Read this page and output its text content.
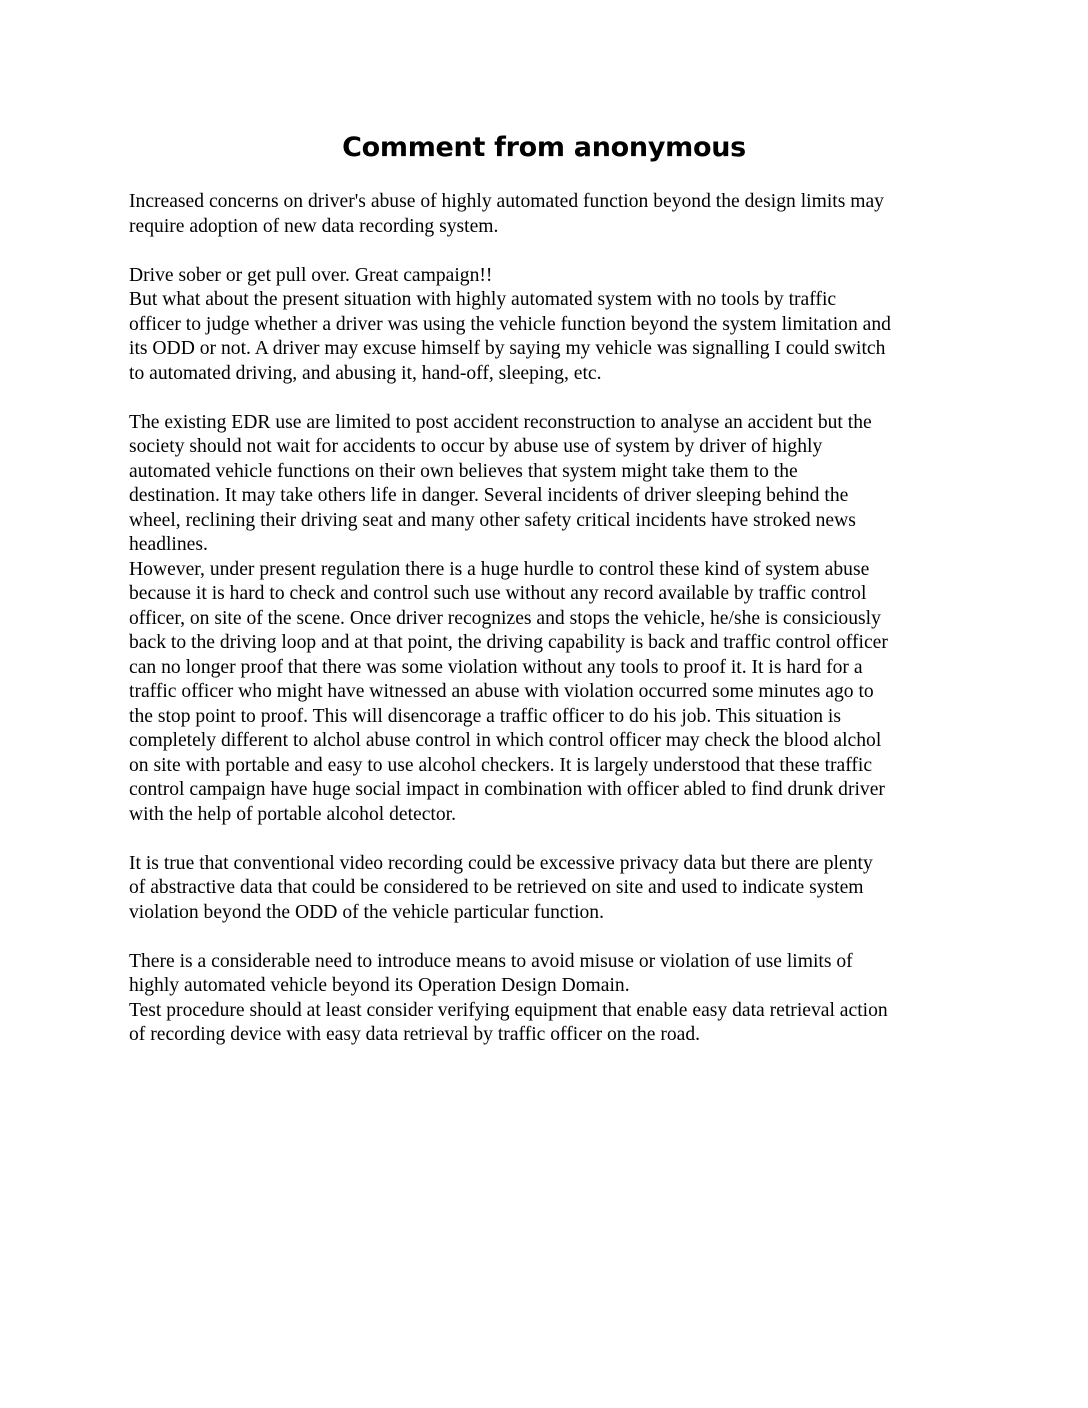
Comment from anonymous
Increased concerns on driver's abuse of highly automated function beyond the design limits may
require adoption of new data recording system.
Drive sober or get pull over. Great campaign!!
But what about the present situation with highly automated system with no tools by traffic
officer to judge whether a driver was using the vehicle function beyond the system limitation and
its ODD or not. A driver may excuse himself by saying my vehicle was signalling I could switch
to automated driving, and abusing it, hand-off, sleeping, etc.
The existing EDR use are limited to post accident reconstruction to analyse an accident but the
society should not wait for accidents to occur by abuse use of system by driver of highly
automated vehicle functions on their own believes that system might take them to the
destination. It may take others life in danger. Several incidents of driver sleeping behind the
wheel, reclining their driving seat and many other safety critical incidents have stroked news
headlines.
However, under present regulation there is a huge hurdle to control these kind of system abuse
because it is hard to check and control such use without any record available by traffic control
officer, on site of the scene. Once driver recognizes and stops the vehicle, he/she is consiciously
back to the driving loop and at that point, the driving capability is back and traffic control officer
can no longer proof that there was some violation without any tools to proof it. It is hard for a
traffic officer who might have witnessed an abuse with violation occurred some minutes ago to
the stop point to proof. This will disencorage a traffic officer to do his job. This situation is
completely different to alchol abuse control in which control officer may check the blood alchol
on site with portable and easy to use alcohol checkers. It is largely understood that these traffic
control campaign have huge social impact in combination with officer abled to find drunk driver
with the help of portable alcohol detector.
It is true that conventional video recording could be excessive privacy data but there are plenty
of abstractive data that could be considered to be retrieved on site and used to indicate system
violation beyond the ODD of the vehicle particular function.
There is a considerable need to introduce means to avoid misuse or violation of use limits of
highly automated vehicle beyond its Operation Design Domain.
Test procedure should at least consider verifying equipment that enable easy data retrieval action
of recording device with easy data retrieval by traffic officer on the road.
